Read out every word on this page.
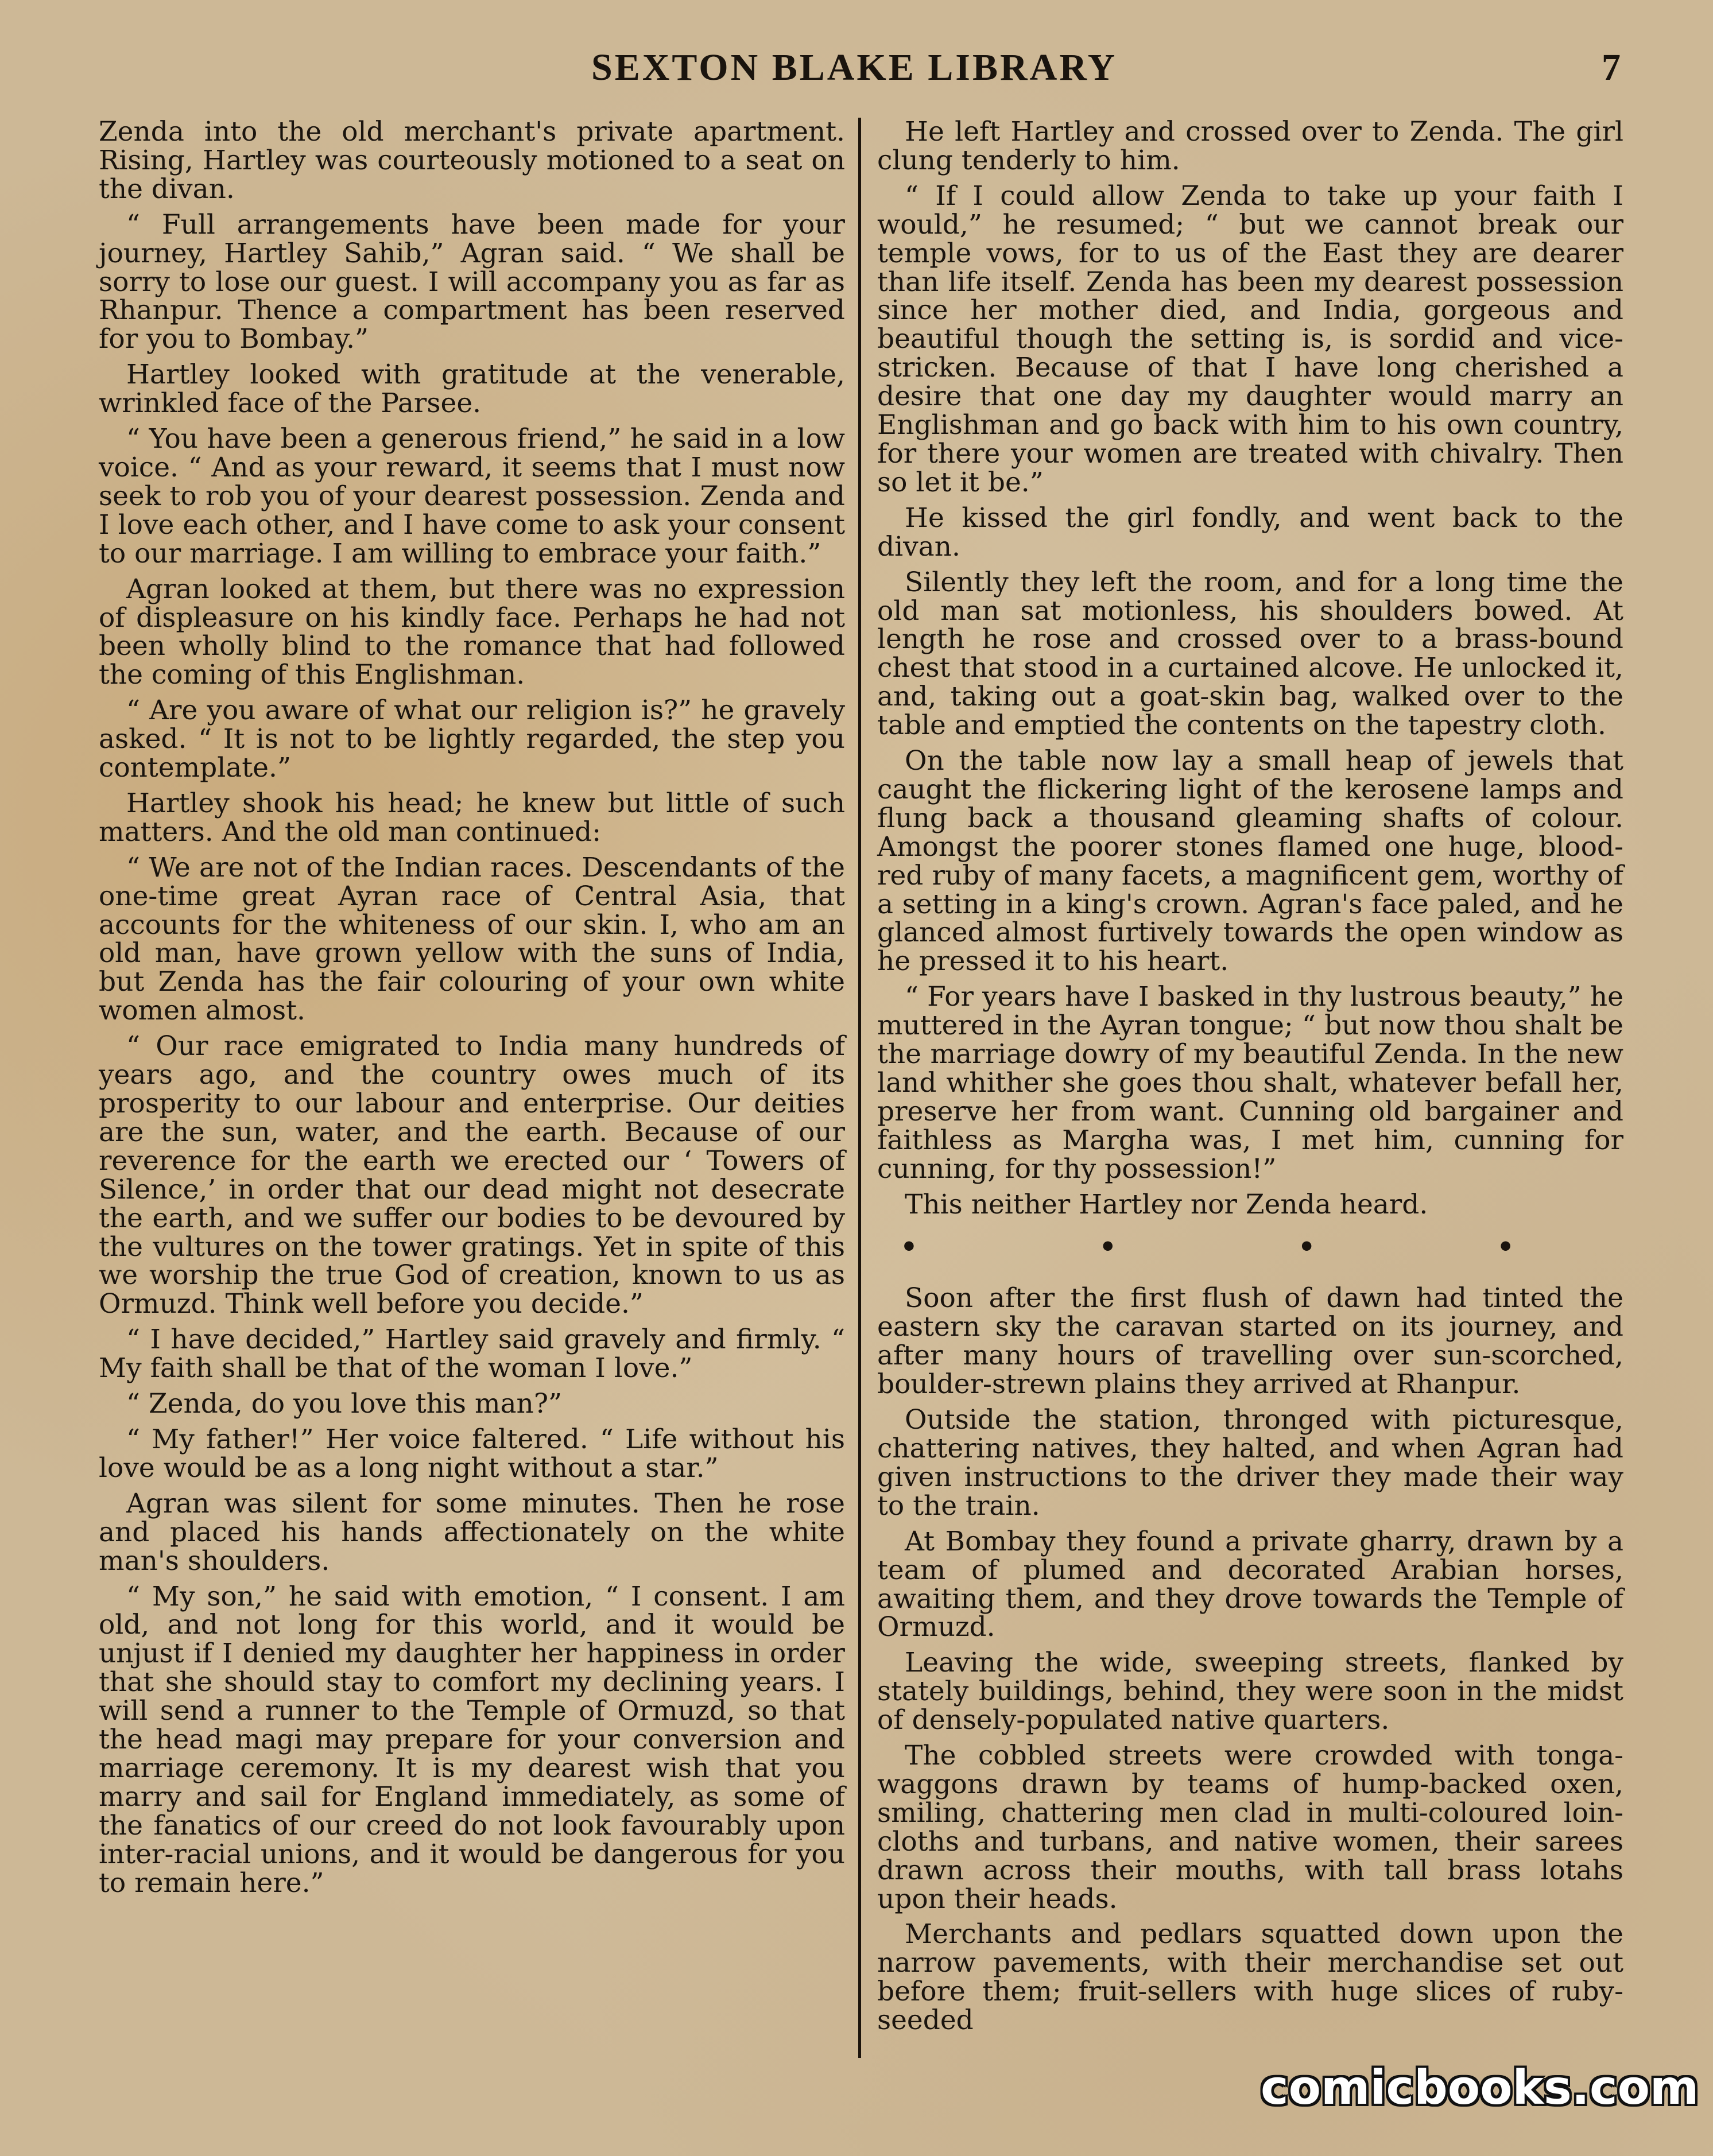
SEXTON BLAKE LIBRARY	7

Zenda into the old merchant's private apartment. Rising, Hartley was courteously motioned to a seat on the divan.

“ Full arrangements have been made for your journey, Hartley Sahib,” Agran said. “ We shall be sorry to lose our guest. I will accompany you as far as Rhanpur. Thence a compartment has been reserved for you to Bombay.”

Hartley looked with gratitude at the venerable, wrinkled face of the Parsee.

“ You have been a generous friend,” he said in a low voice. “ And as your reward, it seems that I must now seek to rob you of your dearest possession. Zenda and I love each other, and I have come to ask your consent to our marriage. I am willing to embrace your faith.”

Agran looked at them, but there was no expression of displeasure on his kindly face. Perhaps he had not been wholly blind to the romance that had followed the coming of this Englishman.

“ Are you aware of what our religion is?” he gravely asked. “ It is not to be lightly regarded, the step you contemplate.”

Hartley shook his head; he knew but little of such matters. And the old man continued:

“ We are not of the Indian races. Descendants of the one-time great Ayran race of Central Asia, that accounts for the whiteness of our skin. I, who am an old man, have grown yellow with the suns of India, but Zenda has the fair colouring of your own white women almost.

“ Our race emigrated to India many hundreds of years ago, and the country owes much of its prosperity to our labour and enterprise. Our deities are the sun, water, and the earth. Because of our reverence for the earth we erected our ‘ Towers of Silence,’ in order that our dead might not desecrate the earth, and we suffer our bodies to be devoured by the vultures on the tower gratings. Yet in spite of this we worship the true God of creation, known to us as Ormuzd. Think well before you decide.”

“ I have decided,” Hartley said gravely and firmly. “ My faith shall be that of the woman I love.”

“ Zenda, do you love this man?”

“ My father!” Her voice faltered. “ Life without his love would be as a long night without a star.”

Agran was silent for some minutes. Then he rose and placed his hands affectionately on the white man's shoulders.

“ My son,” he said with emotion, “ I consent. I am old, and not long for this world, and it would be unjust if I denied my daughter her happiness in order that she should stay to comfort my declining years. I will send a runner to the Temple of Ormuzd, so that the head magi may prepare for your conversion and marriage ceremony. It is my dearest wish that you marry and sail for England immediately, as some of the fanatics of our creed do not look favourably upon inter-racial unions, and it would be dangerous for you to remain here.”

He left Hartley and crossed over to Zenda. The girl clung tenderly to him.

“ If I could allow Zenda to take up your faith I would,” he resumed; “ but we cannot break our temple vows, for to us of the East they are dearer than life itself. Zenda has been my dearest possession since her mother died, and India, gorgeous and beautiful though the setting is, is sordid and vice-stricken. Because of that I have long cherished a desire that one day my daughter would marry an Englishman and go back with him to his own country, for there your women are treated with chivalry. Then so let it be.”

He kissed the girl fondly, and went back to the divan.

Silently they left the room, and for a long time the old man sat motionless, his shoulders bowed. At length he rose and crossed over to a brass-bound chest that stood in a curtained alcove. He unlocked it, and, taking out a goat-skin bag, walked over to the table and emptied the contents on the tapestry cloth.

On the table now lay a small heap of jewels that caught the flickering light of the kerosene lamps and flung back a thousand gleaming shafts of colour. Amongst the poorer stones flamed one huge, blood-red ruby of many facets, a magnificent gem, worthy of a setting in a king's crown. Agran's face paled, and he glanced almost furtively towards the open window as he pressed it to his heart.

“ For years have I basked in thy lustrous beauty,” he muttered in the Ayran tongue; “ but now thou shalt be the marriage dowry of my beautiful Zenda. In the new land whither she goes thou shalt, whatever befall her, preserve her from want. Cunning old bargainer and faithless as Margha was, I met him, cunning for cunning, for thy possession!”

This neither Hartley nor Zenda heard.

• • • •

Soon after the first flush of dawn had tinted the eastern sky the caravan started on its journey, and after many hours of travelling over sun-scorched, boulder-strewn plains they arrived at Rhanpur.

Outside the station, thronged with picturesque, chattering natives, they halted, and when Agran had given instructions to the driver they made their way to the train.

At Bombay they found a private gharry, drawn by a team of plumed and decorated Arabian horses, awaiting them, and they drove towards the Temple of Ormuzd.

Leaving the wide, sweeping streets, flanked by stately buildings, behind, they were soon in the midst of densely-populated native quarters.

The cobbled streets were crowded with tonga-waggons drawn by teams of hump-backed oxen, smiling, chattering men clad in multi-coloured loin-cloths and turbans, and native women, their sarees drawn across their mouths, with tall brass lotahs upon their heads.

Merchants and pedlars squatted down upon the narrow pavements, with their merchandise set out before them; fruit-sellers with huge slices of ruby-seeded

comicbooks.com
